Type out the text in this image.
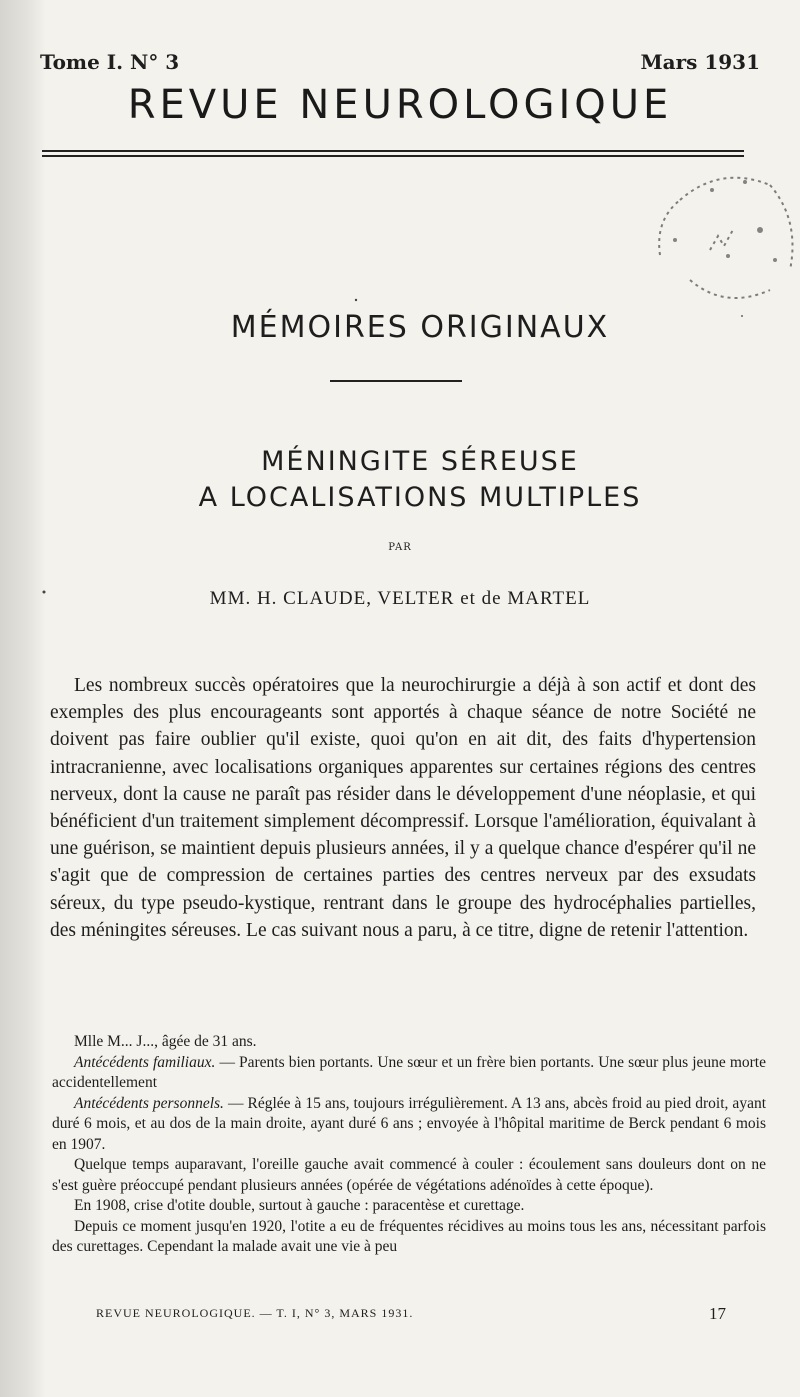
Tome I. N° 3	Mars 1931
REVUE NEUROLOGIQUE
MÉMOIRES ORIGINAUX
MÉNINGITE SÉREUSE
A LOCALISATIONS MULTIPLES
PAR
MM. H. CLAUDE, VELTER et de MARTEL

Les nombreux succès opératoires que la neurochirurgie a déjà à son actif et dont des exemples des plus encourageants sont apportés à chaque séance de notre Société ne doivent pas faire oublier qu'il existe, quoi qu'on en ait dit, des faits d'hypertension intracranienne, avec localisations organiques apparentes sur certaines régions des centres nerveux, dont la cause ne paraît pas résider dans le développement d'une néoplasie, et qui bénéficient d'un traitement simplement décompressif. Lorsque l'amélioration, équivalant à une guérison, se maintient depuis plusieurs années, il y a quelque chance d'espérer qu'il ne s'agit que de compression de certaines parties des centres nerveux par des exsudats séreux, du type pseudo-kystique, rentrant dans le groupe des hydrocéphalies partielles, des méningites séreuses. Le cas suivant nous a paru, à ce titre, digne de retenir l'attention.

Mlle M... J..., âgée de 31 ans.

Antécédents familiaux. — Parents bien portants. Une sœur et un frère bien portants. Une sœur plus jeune morte accidentellement

Antécédents personnels. — Réglée à 15 ans, toujours irrégulièrement. A 13 ans, abcès froid au pied droit, ayant duré 6 mois, et au dos de la main droite, ayant duré 6 ans ; envoyée à l'hôpital maritime de Berck pendant 6 mois en 1907.

Quelque temps auparavant, l'oreille gauche avait commencé à couler : écoulement sans douleurs dont on ne s'est guère préoccupé pendant plusieurs années (opérée de végétations adénoïdes à cette époque).

En 1908, crise d'otite double, surtout à gauche : paracentèse et curettage.

Depuis ce moment jusqu'en 1920, l'otite a eu de fréquentes récidives au moins tous les ans, nécessitant parfois des curettages. Cependant la malade avait une vie à peu

REVUE NEUROLOGIQUE. — T. I, N° 3, MARS 1931.	17
